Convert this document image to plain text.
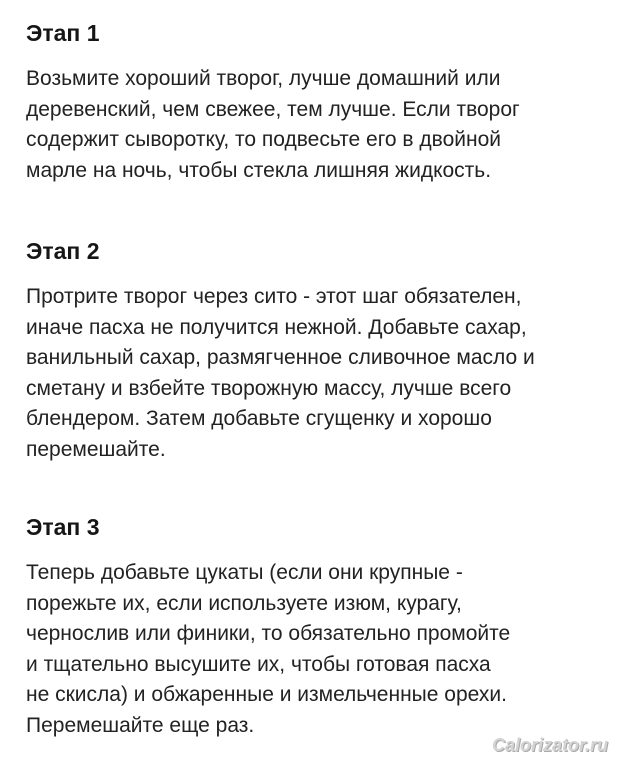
Этап 1
Возьмите хороший творог, лучше домашний или
деревенский, чем свежее, тем лучше. Если творог
содержит сыворотку, то подвесьте его в двойной
марле на ночь, чтобы стекла лишняя жидкость.
Этап 2
Протрите творог через сито - этот шаг обязателен,
иначе пасха не получится нежной. Добавьте сахар,
ванильный сахар, размягченное сливочное масло и
сметану и взбейте творожную массу, лучше всего
блендером. Затем добавьте сгущенку и хорошо
перемешайте.
Этап 3
Теперь добавьте цукаты (если они крупные -
порежьте их, если используете изюм, курагу,
чернослив или финики, то обязательно промойте
и тщательно высушите их, чтобы готовая пасха
не скисла) и обжаренные и измельченные орехи.
Перемешайте еще раз.
Calorizator.ru
